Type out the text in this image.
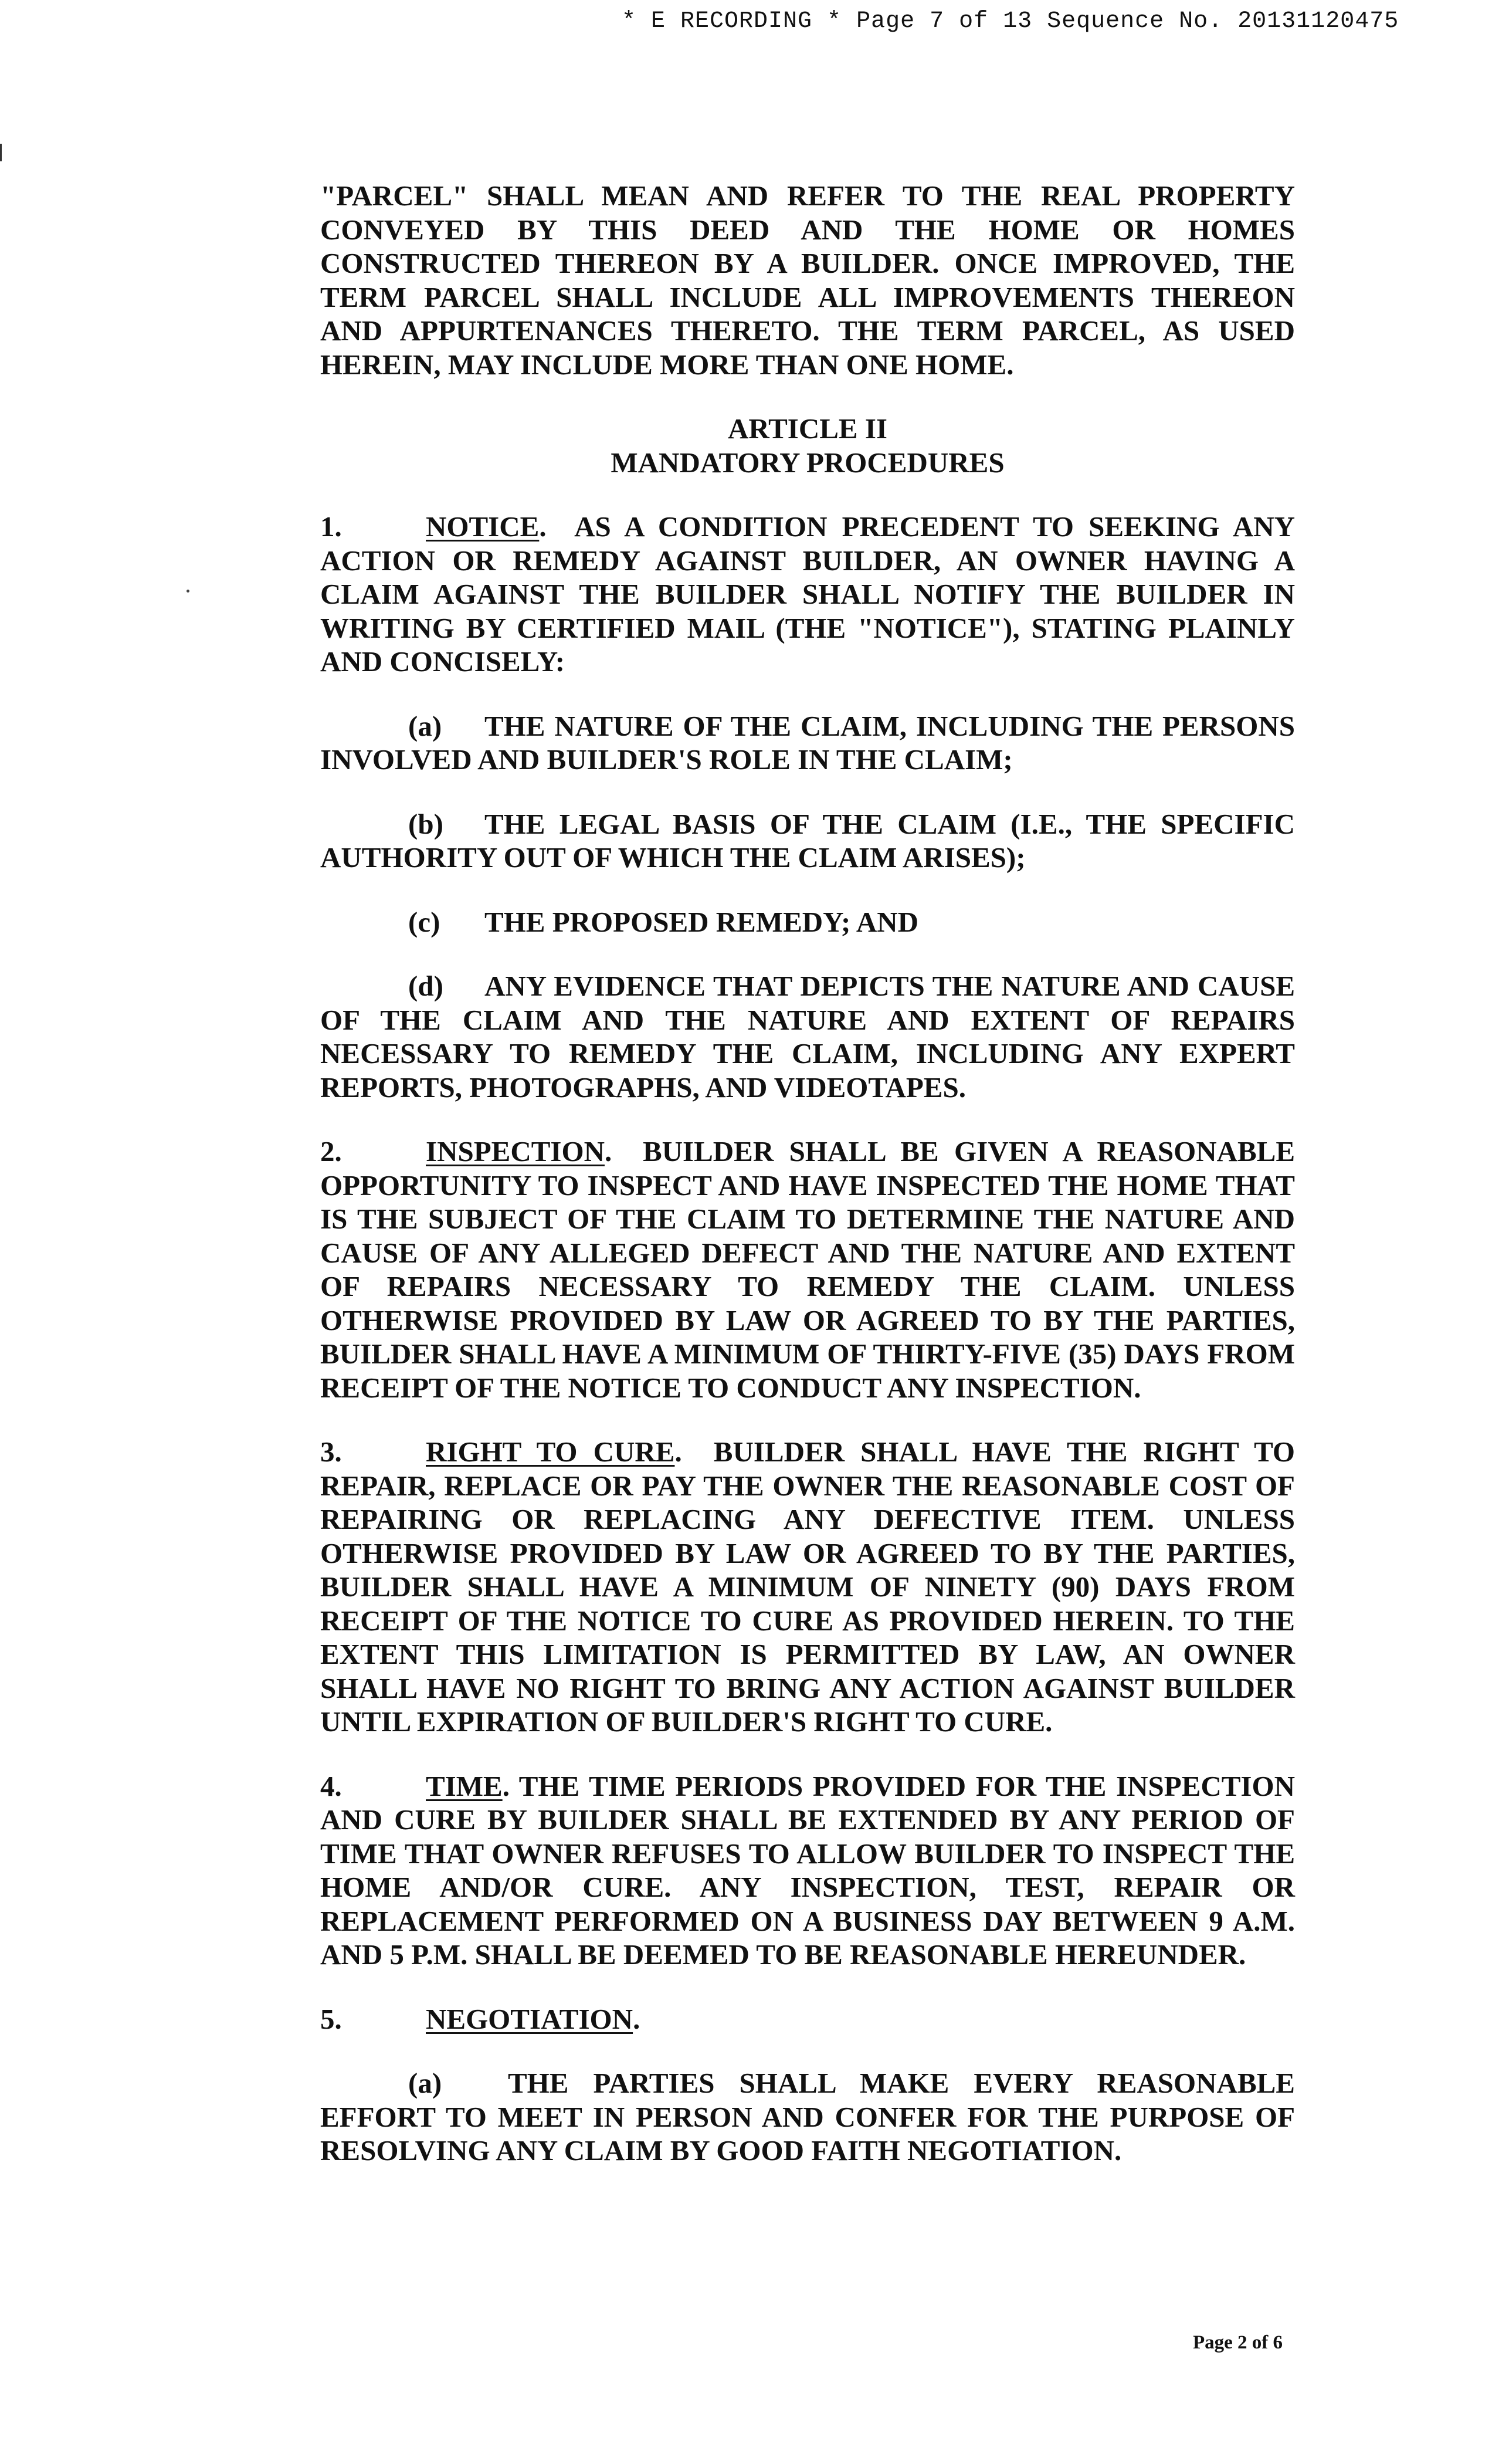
* E RECORDING * Page 7 of 13 Sequence No. 20131120475

"PARCEL" SHALL MEAN AND REFER TO THE REAL PROPERTY CONVEYED BY THIS DEED AND THE HOME OR HOMES CONSTRUCTED THEREON BY A BUILDER. ONCE IMPROVED, THE TERM PARCEL SHALL INCLUDE ALL IMPROVEMENTS THEREON AND APPURTENANCES THERETO. THE TERM PARCEL, AS USED HEREIN, MAY INCLUDE MORE THAN ONE HOME.

ARTICLE II
MANDATORY PROCEDURES

1.	NOTICE.  AS A CONDITION PRECEDENT TO SEEKING ANY ACTION OR REMEDY AGAINST BUILDER, AN OWNER HAVING A CLAIM AGAINST THE BUILDER SHALL NOTIFY THE BUILDER IN WRITING BY CERTIFIED MAIL (THE "NOTICE"), STATING PLAINLY AND CONCISELY:

(a) THE NATURE OF THE CLAIM, INCLUDING THE PERSONS INVOLVED AND BUILDER'S ROLE IN THE CLAIM;

(b) THE LEGAL BASIS OF THE CLAIM (I.E., THE SPECIFIC AUTHORITY OUT OF WHICH THE CLAIM ARISES);

(c) THE PROPOSED REMEDY; AND

(d) ANY EVIDENCE THAT DEPICTS THE NATURE AND CAUSE OF THE CLAIM AND THE NATURE AND EXTENT OF REPAIRS NECESSARY TO REMEDY THE CLAIM, INCLUDING ANY EXPERT REPORTS, PHOTOGRAPHS, AND VIDEOTAPES.

2.	INSPECTION.  BUILDER SHALL BE GIVEN A REASONABLE OPPORTUNITY TO INSPECT AND HAVE INSPECTED THE HOME THAT IS THE SUBJECT OF THE CLAIM TO DETERMINE THE NATURE AND CAUSE OF ANY ALLEGED DEFECT AND THE NATURE AND EXTENT OF REPAIRS NECESSARY TO REMEDY THE CLAIM. UNLESS OTHERWISE PROVIDED BY LAW OR AGREED TO BY THE PARTIES, BUILDER SHALL HAVE A MINIMUM OF THIRTY-FIVE (35) DAYS FROM RECEIPT OF THE NOTICE TO CONDUCT ANY INSPECTION.

3.	RIGHT TO CURE.  BUILDER SHALL HAVE THE RIGHT TO REPAIR, REPLACE OR PAY THE OWNER THE REASONABLE COST OF REPAIRING OR REPLACING ANY DEFECTIVE ITEM. UNLESS OTHERWISE PROVIDED BY LAW OR AGREED TO BY THE PARTIES, BUILDER SHALL HAVE A MINIMUM OF NINETY (90) DAYS FROM RECEIPT OF THE NOTICE TO CURE AS PROVIDED HEREIN. TO THE EXTENT THIS LIMITATION IS PERMITTED BY LAW, AN OWNER SHALL HAVE NO RIGHT TO BRING ANY ACTION AGAINST BUILDER UNTIL EXPIRATION OF BUILDER'S RIGHT TO CURE.

4.	TIME. THE TIME PERIODS PROVIDED FOR THE INSPECTION AND CURE BY BUILDER SHALL BE EXTENDED BY ANY PERIOD OF TIME THAT OWNER REFUSES TO ALLOW BUILDER TO INSPECT THE HOME AND/OR CURE. ANY INSPECTION, TEST, REPAIR OR REPLACEMENT PERFORMED ON A BUSINESS DAY BETWEEN 9 A.M. AND 5 P.M. SHALL BE DEEMED TO BE REASONABLE HEREUNDER.

5.	NEGOTIATION.

(a) THE PARTIES SHALL MAKE EVERY REASONABLE EFFORT TO MEET IN PERSON AND CONFER FOR THE PURPOSE OF RESOLVING ANY CLAIM BY GOOD FAITH NEGOTIATION.

Page 2 of 6
